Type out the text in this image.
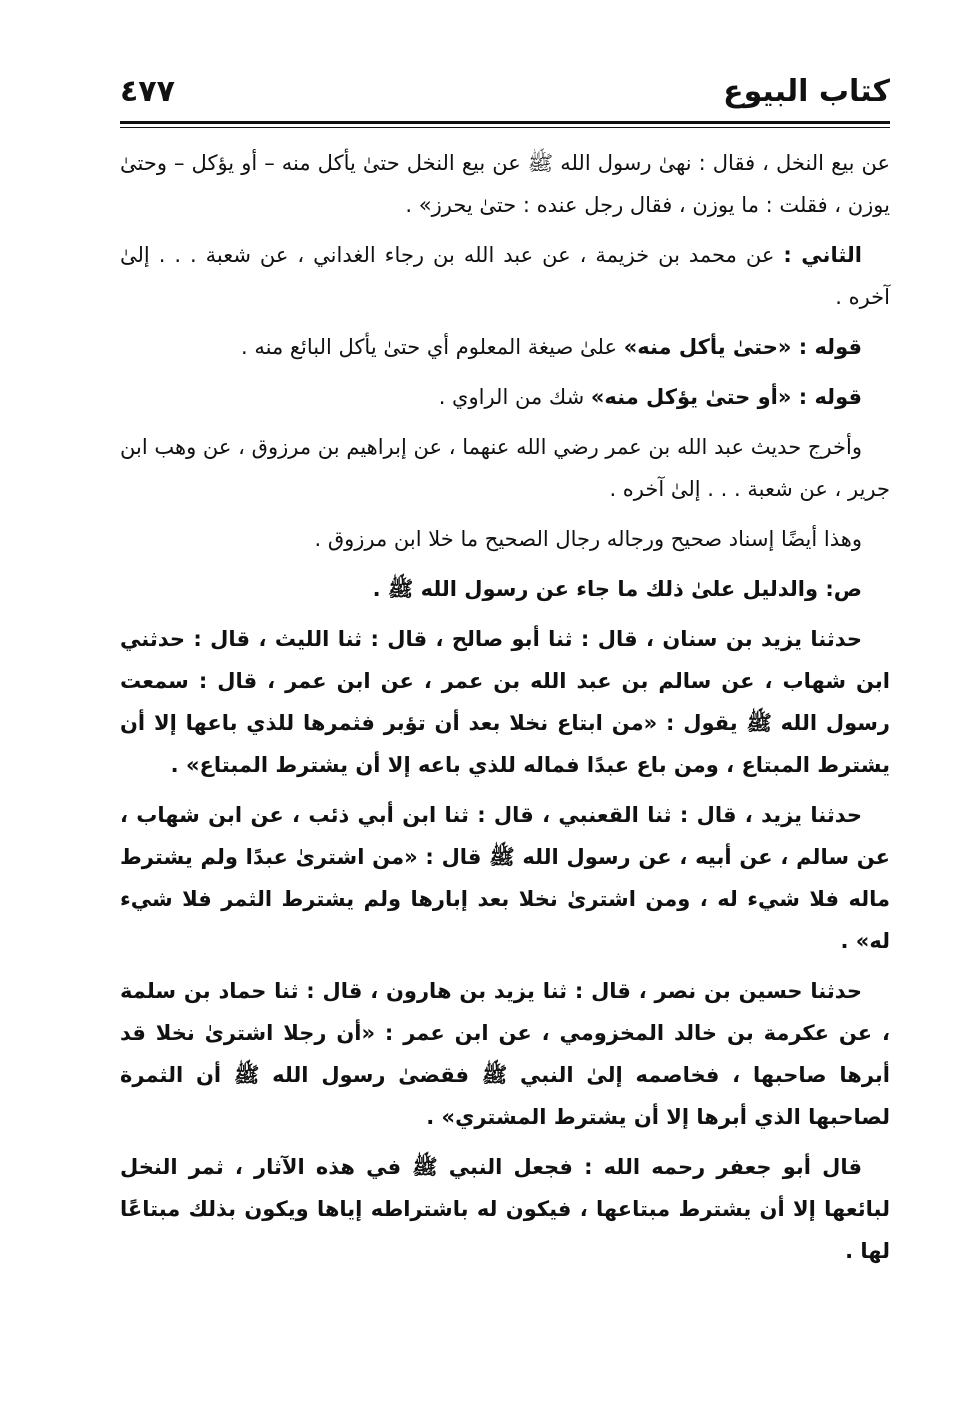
كتاب البيوع
٤٧٧

عن بيع النخل ، فقال : نهىٰ رسول الله ﷺ عن بيع النخل حتىٰ يأكل منه – أو يؤكل – وحتىٰ يوزن ، فقلت : ما يوزن ، فقال رجل عنده : حتىٰ يحرز» .

الثاني : عن محمد بن خزيمة ، عن عبد الله بن رجاء الغداني ، عن شعبة . . . إلىٰ آخره .

قوله : «حتىٰ يأكل منه» علىٰ صيغة المعلوم أي حتىٰ يأكل البائع منه .

قوله : «أو حتىٰ يؤكل منه» شك من الراوي .

وأخرج حديث عبد الله بن عمر رضي الله عنهما ، عن إبراهيم بن مرزوق ، عن وهب ابن جرير ، عن شعبة . . . إلىٰ آخره .

وهذا أيضًا إسناد صحيح ورجاله رجال الصحيح ما خلا ابن مرزوق .

ص: والدليل علىٰ ذلك ما جاء عن رسول الله ﷺ .

حدثنا يزيد بن سنان ، قال : ثنا أبو صالح ، قال : ثنا الليث ، قال : حدثني ابن شهاب ، عن سالم بن عبد الله بن عمر ، عن ابن عمر ، قال : سمعت رسول الله ﷺ يقول : «من ابتاع نخلا بعد أن تؤبر فثمرها للذي باعها إلا أن يشترط المبتاع ، ومن باع عبدًا فماله للذي باعه إلا أن يشترط المبتاع» .

حدثنا يزيد ، قال : ثنا القعنبي ، قال : ثنا ابن أبي ذئب ، عن ابن شهاب ، عن سالم ، عن أبيه ، عن رسول الله ﷺ قال : «من اشترىٰ عبدًا ولم يشترط ماله فلا شيء له ، ومن اشترىٰ نخلا بعد إبارها ولم يشترط الثمر فلا شيء له» .

حدثنا حسين بن نصر ، قال : ثنا يزيد بن هارون ، قال : ثنا حماد بن سلمة ، عن عكرمة بن خالد المخزومي ، عن ابن عمر : «أن رجلا اشترىٰ نخلا قد أبرها صاحبها ، فخاصمه إلىٰ النبي ﷺ فقضىٰ رسول الله ﷺ أن الثمرة لصاحبها الذي أبرها إلا أن يشترط المشتري» .

قال أبو جعفر رحمه الله : فجعل النبي ﷺ في هذه الآثار ، ثمر النخل لبائعها إلا أن يشترط مبتاعها ، فيكون له باشتراطه إياها ويكون بذلك مبتاعًا لها .
